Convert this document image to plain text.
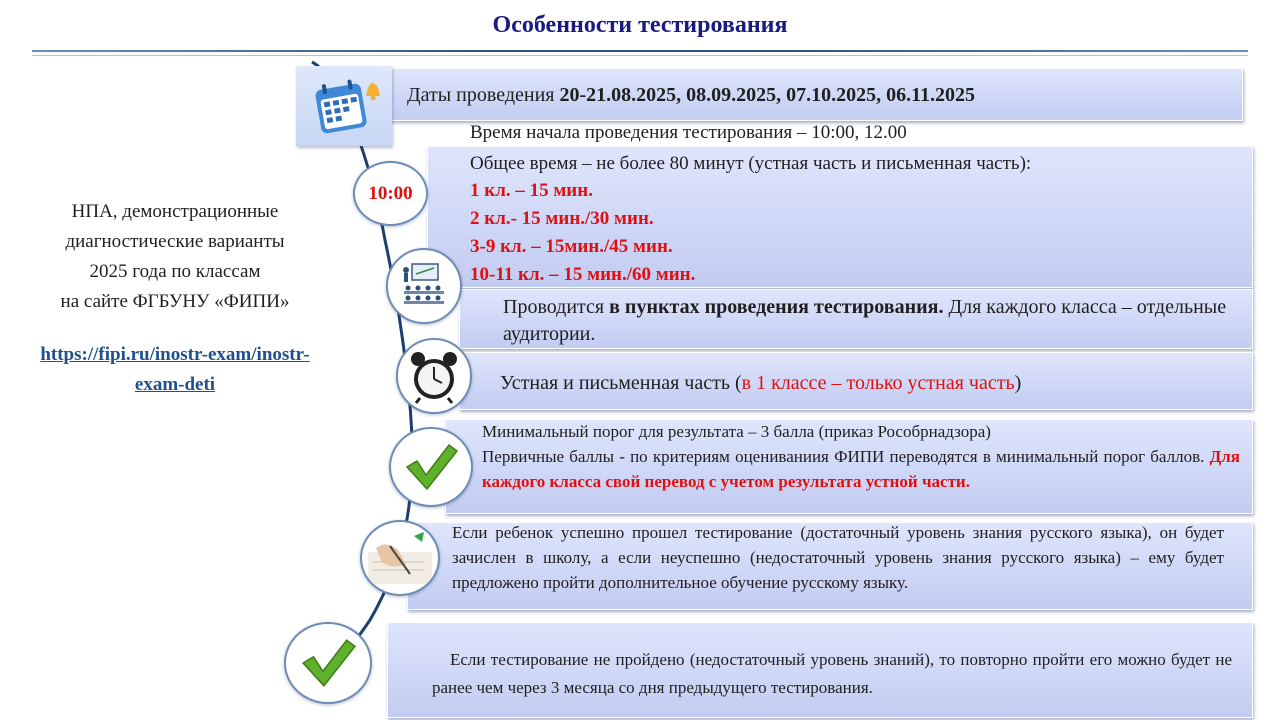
Особенности тестирования
НПА, демонстрационные
диагностические варианты
2025 года по классам
на сайте ФГБУНУ «ФИПИ»
https://fipi.ru/inostr-exam/inostr-exam-deti
Даты проведения 20-21.08.2025, 08.09.2025, 07.10.2025, 06.11.2025
Время начала проведения тестирования – 10:00, 12.00
10:00
Общее время – не более 80 минут (устная часть и письменная часть):
1 кл. – 15 мин.
2 кл.- 15 мин./30 мин.
3-9 кл. – 15мин./45 мин.
10-11 кл. – 15 мин./60 мин.
Проводится в пунктах проведения тестирования. Для каждого класса – отдельные аудитории.
Устная и письменная часть (в 1 классе – только устная часть)
Минимальный порог для результата – 3 балла (приказ Рособрнадзора)
Первичные баллы - по критериям оцениваниия ФИПИ переводятся в минимальный порог баллов. Для каждого класса свой перевод с учетом результата устной части.
Если ребенок успешно прошел тестирование (достаточный уровень знания русского языка), он будет зачислен в школу, а если неуспешно (недостаточный уровень знания русского языка) – ему будет предложено пройти дополнительное обучение русскому языку.
Если тестирование не пройдено (недостаточный уровень знаний), то повторно пройти его можно будет не ранее чем через 3 месяца со дня предыдущего тестирования.
